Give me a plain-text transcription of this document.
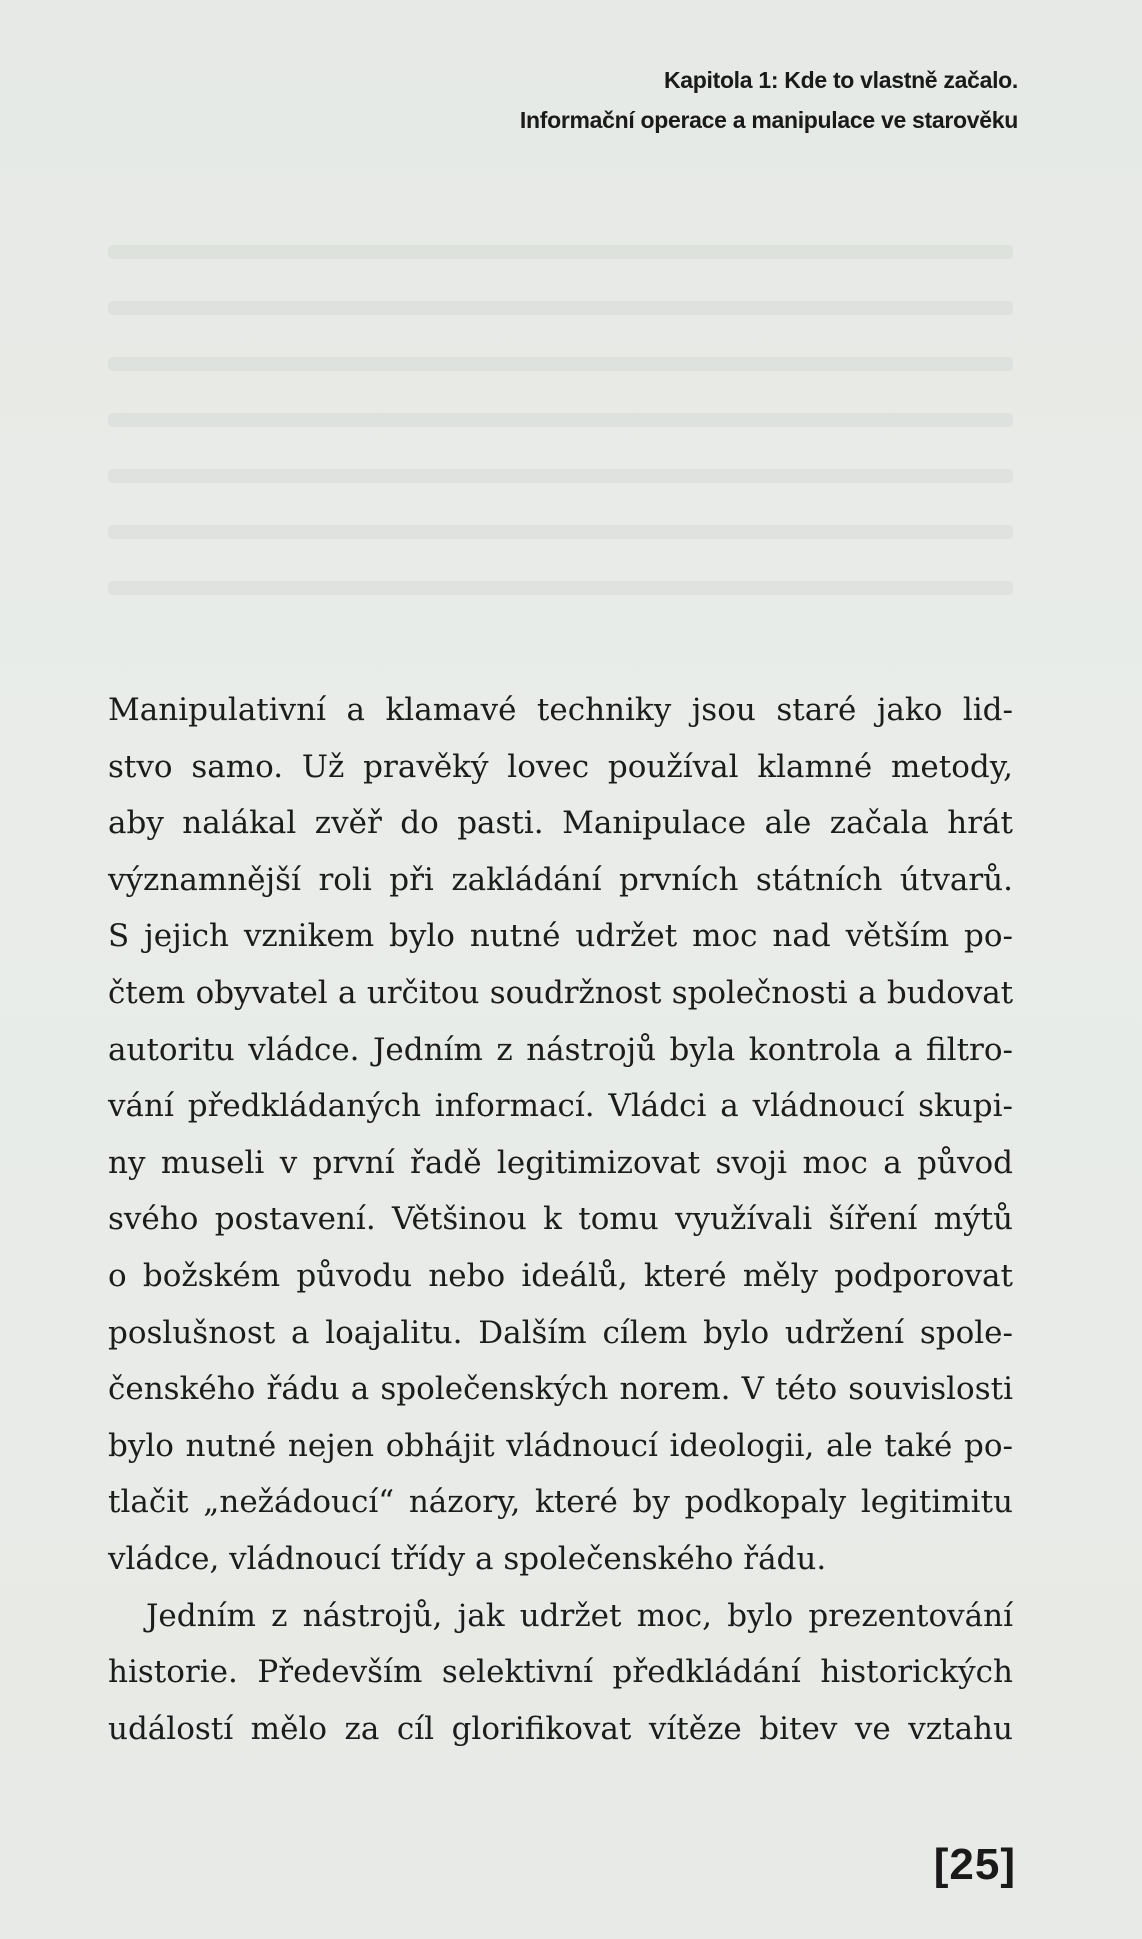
Kapitola 1: Kde to vlastně začalo.
Informační operace a manipulace ve starověku
Manipulativní a klamavé techniky jsou staré jako lid-
stvo samo. Už pravěký lovec používal klamné metody,
aby nalákal zvěř do pasti. Manipulace ale začala hrát
významnější roli při zakládání prvních státních útvarů.
S jejich vznikem bylo nutné udržet moc nad větším po-
čtem obyvatel a určitou soudržnost společnosti a budovat
autoritu vládce. Jedním z nástrojů byla kontrola a filtro-
vání předkládaných informací. Vládci a vládnoucí skupi-
ny museli v první řadě legitimizovat svoji moc a původ
svého postavení. Většinou k tomu využívali šíření mýtů
o božském původu nebo ideálů, které měly podporovat
poslušnost a loajalitu. Dalším cílem bylo udržení spole-
čenského řádu a společenských norem. V této souvislosti
bylo nutné nejen obhájit vládnoucí ideologii, ale také po-
tlačit „nežádoucí“ názory, které by podkopaly legitimitu
vládce, vládnoucí třídy a společenského řádu.
Jedním z nástrojů, jak udržet moc, bylo prezentování
historie. Především selektivní předkládání historických
událostí mělo za cíl glorifikovat vítěze bitev ve vztahu
[25]
